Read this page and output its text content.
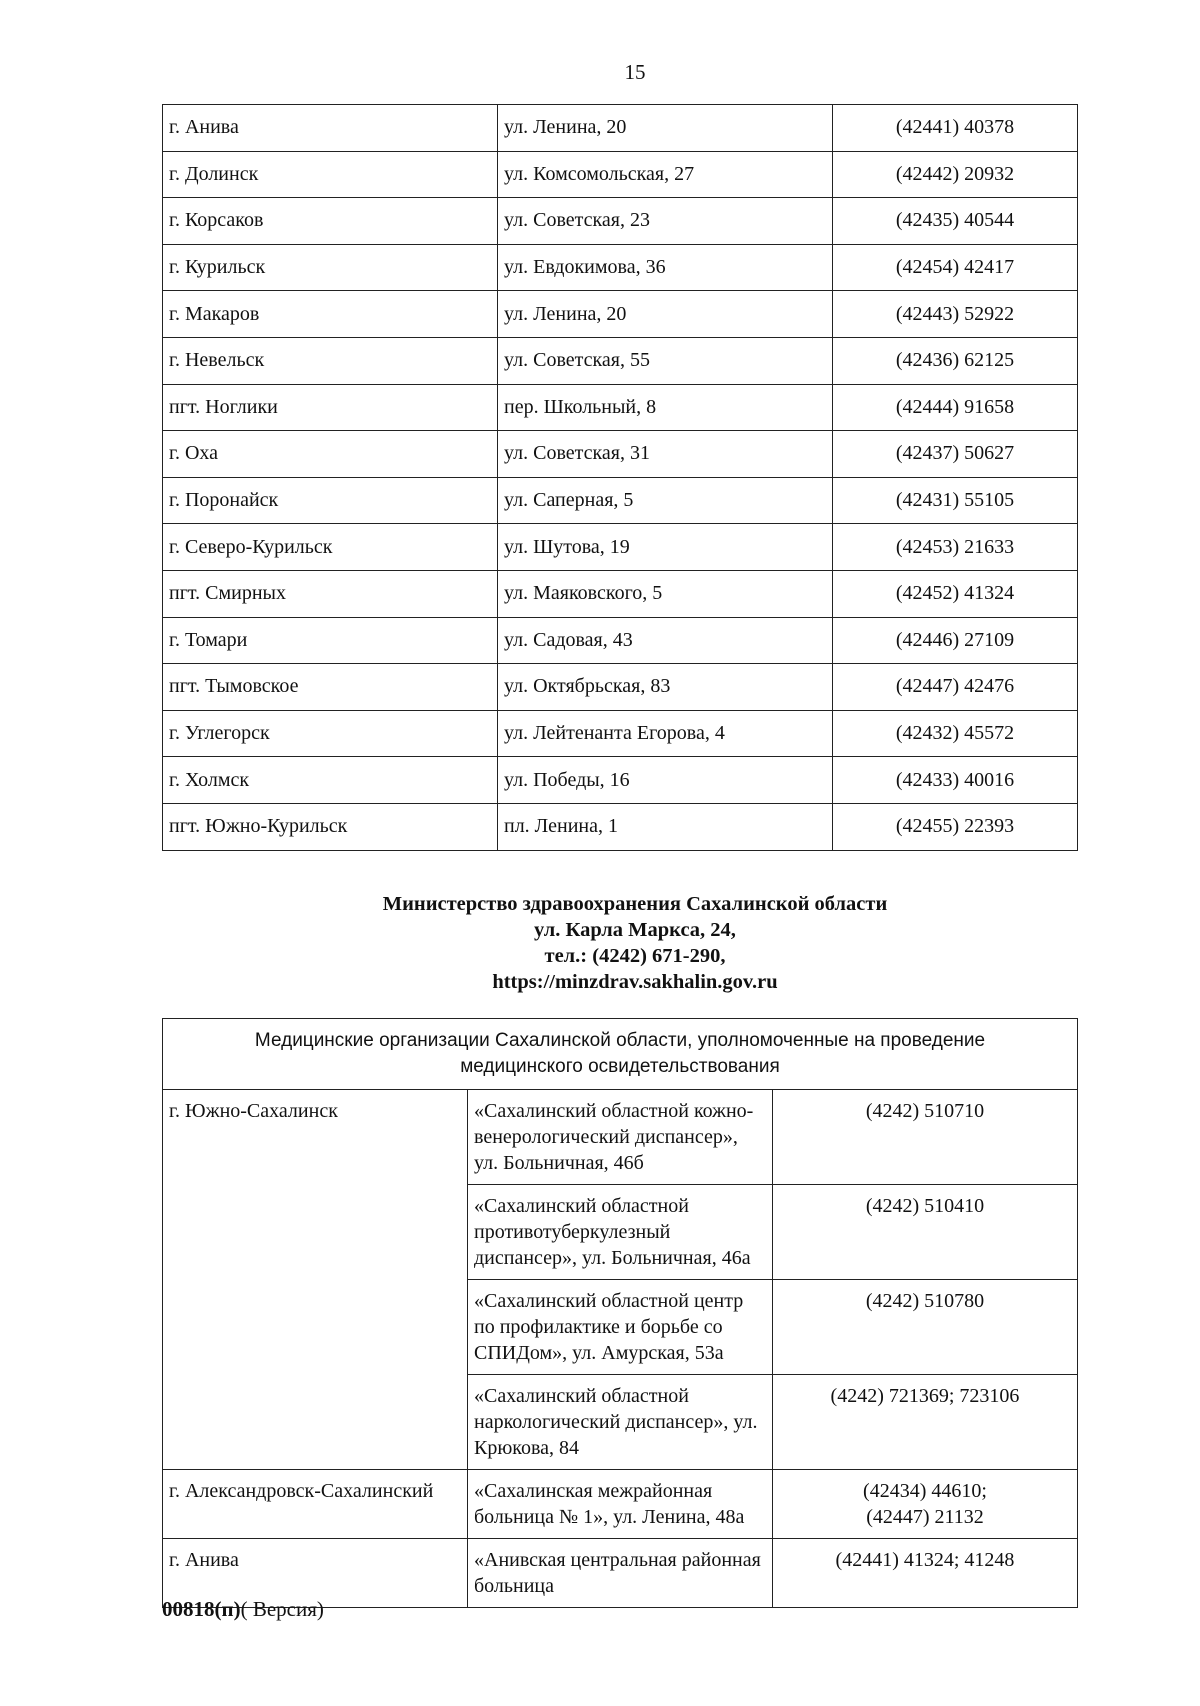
15
г. Анива	ул. Ленина, 20	(42441) 40378
г. Долинск	ул. Комсомольская, 27	(42442) 20932
г. Корсаков	ул. Советская, 23	(42435) 40544
г. Курильск	ул. Евдокимова, 36	(42454) 42417
г. Макаров	ул. Ленина, 20	(42443) 52922
г. Невельск	ул. Советская, 55	(42436) 62125
пгт. Ноглики	пер. Школьный, 8	(42444) 91658
г. Оха	ул. Советская, 31	(42437) 50627
г. Поронайск	ул. Саперная, 5	(42431) 55105
г. Северо-Курильск	ул. Шутова, 19	(42453) 21633
пгт. Смирных	ул. Маяковского, 5	(42452) 41324
г. Томари	ул. Садовая, 43	(42446) 27109
пгт. Тымовское	ул. Октябрьская, 83	(42447) 42476
г. Углегорск	ул. Лейтенанта Егорова, 4	(42432) 45572
г. Холмск	ул. Победы, 16	(42433) 40016
пгт. Южно-Курильск	пл. Ленина, 1	(42455) 22393
Министерство здравоохранения Сахалинской области
ул. Карла Маркса, 24,
тел.: (4242) 671-290,
https://minzdrav.sakhalin.gov.ru
Медицинские организации Сахалинской области, уполномоченные на проведение медицинского освидетельствования		
г. Южно-Сахалинск	«Сахалинский областной кожно-венерологический диспансер», ул. Больничная, 46б	(4242) 510710
	«Сахалинский областной противотуберкулезный диспансер», ул. Больничная, 46а	(4242) 510410
	«Сахалинский областной центр по профилактике и борьбе со СПИДом», ул. Амурская, 53а	(4242) 510780
	«Сахалинский областной наркологический диспансер», ул. Крюкова, 84	(4242) 721369; 723106
г. Александровск-Сахалинский	«Сахалинская межрайонная больница № 1», ул. Ленина, 48а	(42434) 44610;
(42447) 21132

г. Анива	«Анивская центральная районная больница	(42441) 41324; 41248
00818(п)( Версия)
